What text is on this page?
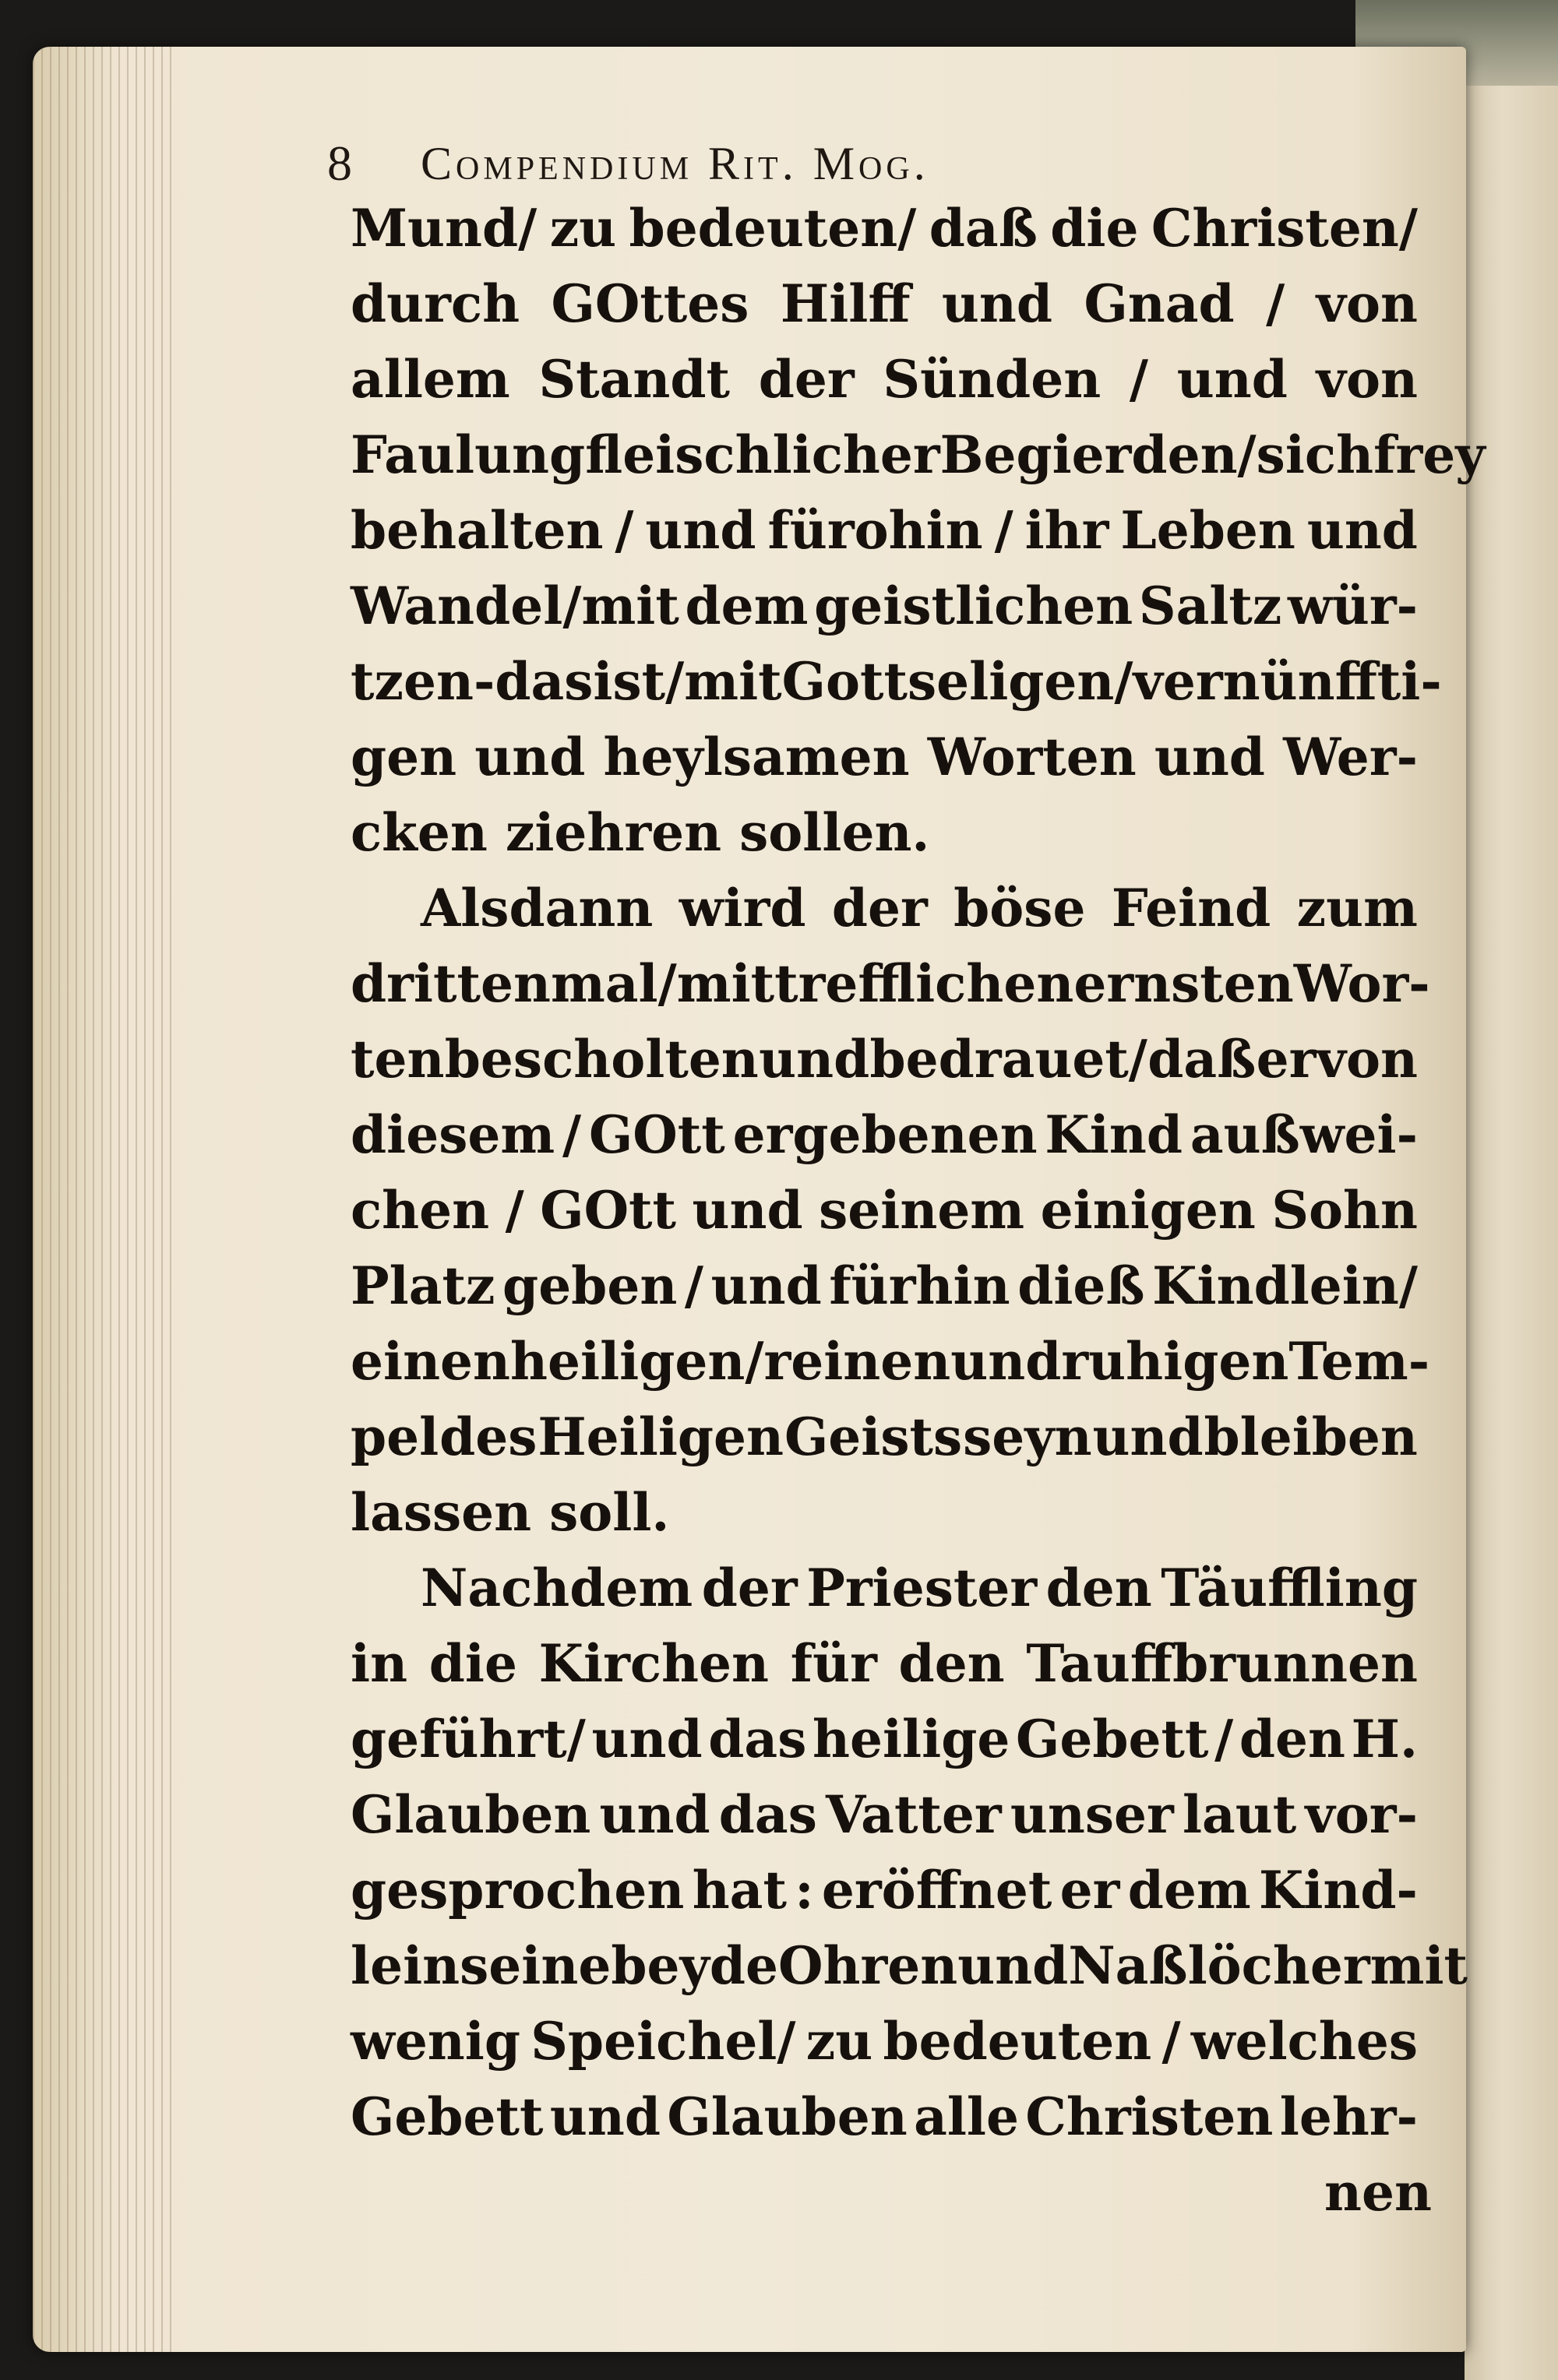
8	Compendium Rit. Mog.
Mund/ zu bedeuten/ daß die Christen/
durch GOttes Hilff und Gnad / von
allem Standt der Sünden / und von
Faulung fleischlicher Begierden/ sich frey
behalten / und fürohin / ihr Leben und
Wandel/mit dem geistlichen Saltz wür-
tzen-das ist/mit Gottseligen/ vernünffti-
gen und heylsamen Worten und Wer-
cken ziehren sollen.
Alsdann wird der böse Feind zum
drittenmal/ mit trefflichen ernsten Wor-
ten bescholten und bedrauet/ daß er von
diesem / GOtt ergebenen Kind außwei-
chen / GOtt und seinem einigen Sohn
Platz geben / und fürhin dieß Kindlein/
einen heiligen/reinen und ruhigen Tem-
pel des Heiligen Geists seyn und bleiben
lassen soll.
Nachdem der Priester den Täuffling
in die Kirchen für den Tauffbrunnen
geführt/ und das heilige Gebett / den H.
Glauben und das Vatter unser laut vor-
gesprochen hat : eröffnet er dem Kind-
lein seine beyde Ohren und Naßlöcher mit
wenig Speichel/ zu bedeuten / welches
Gebett und Glauben alle Christen lehr-
nen
